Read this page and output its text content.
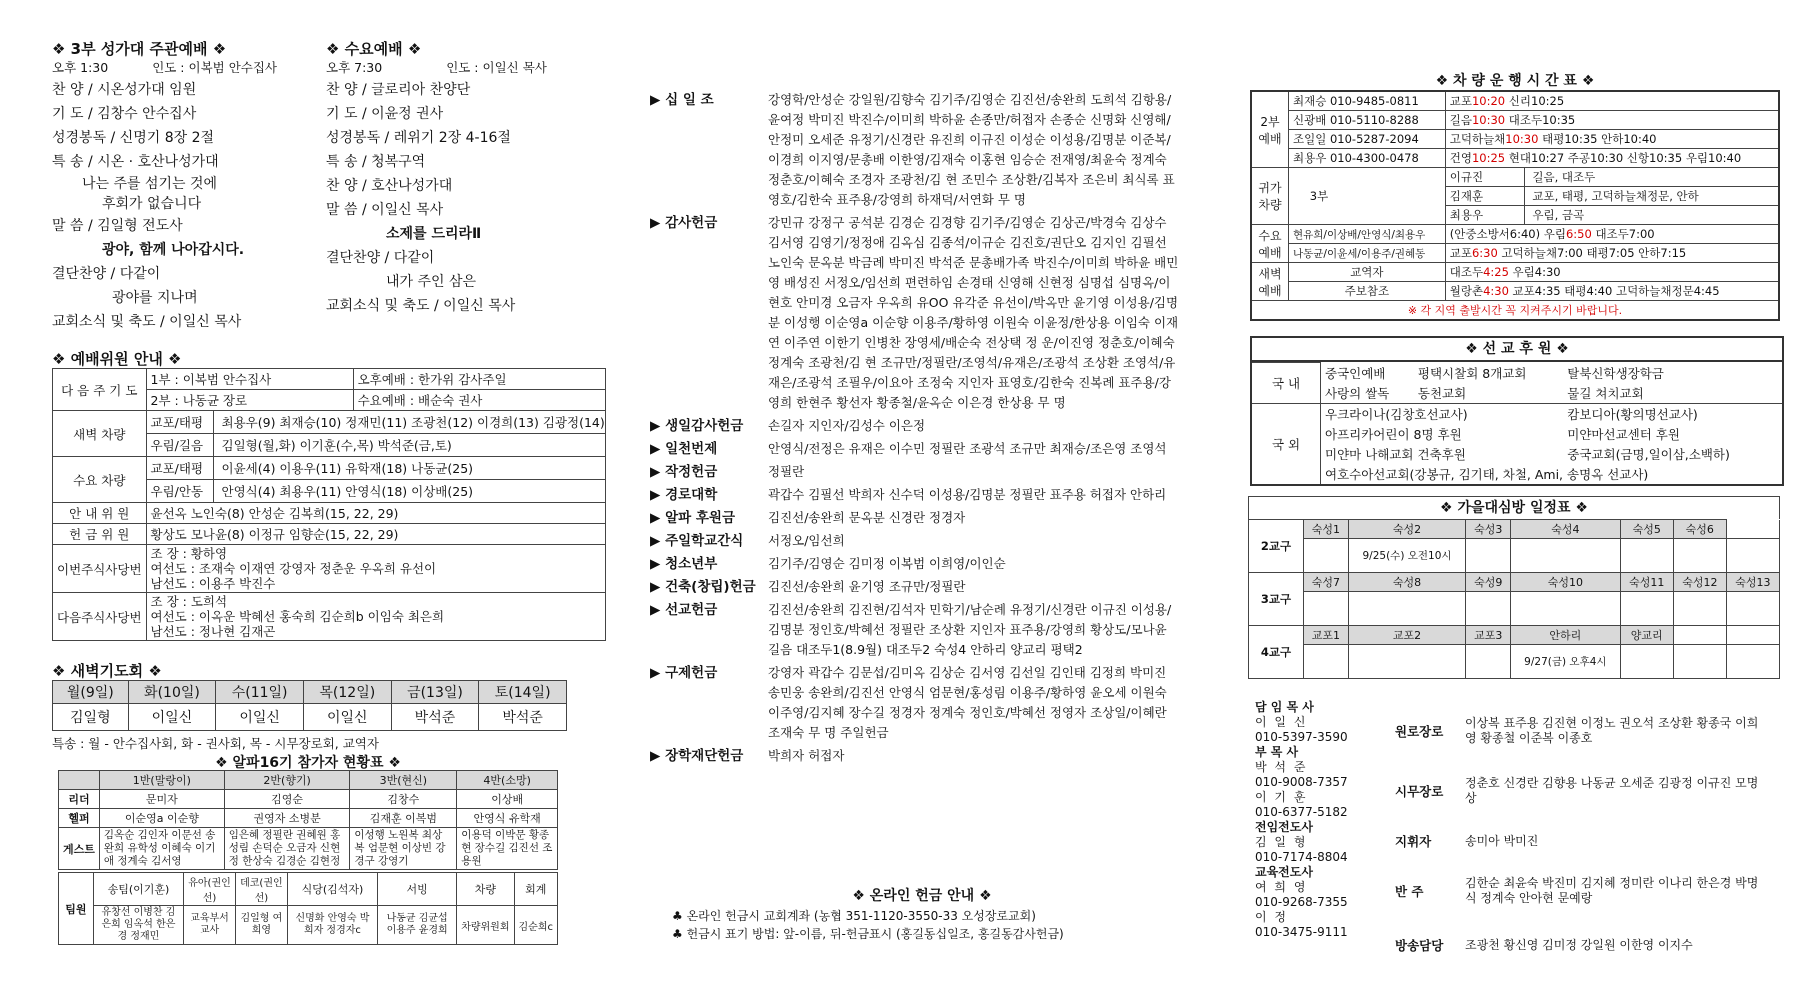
❖ 3부 성가대 주관예배 ❖
오후 1:30	인도 : 이복범 안수집사
찬 양 / 시온성가대 임원
기 도 / 김창수 안수집사
성경봉독 / 신명기 8장 2절
특 송 / 시온 · 호산나성가대
나는 주를 섬기는 것에
후회가 없습니다
말 씀 / 김일형 전도사
광야, 함께 나아갑시다.
결단찬양 / 다같이
광야를 지나며
교회소식 및 축도 / 이일신 목사
❖ 수요예배 ❖
오후 7:30	인도 : 이일신 목사
찬 양 / 글로리아 찬양단
기 도 / 이윤정 권사
성경봉독 / 레위기 2장 4-16절
특 송 / 청복구역
찬 양 / 호산나성가대
말 씀 / 이일신 목사
소제를 드리라Ⅱ
결단찬양 / 다같이
내가 주인 삼은
교회소식 및 축도 / 이일신 목사
❖ 예배위원 안내 ❖
다 음 주 기 도	1부 : 이복범 안수집사	오후예배 : 한가위 감사주일
	2부 : 나동균 장로	수요예배 : 배순숙 권사
새벽 차량	교포/태평 최용우(9) 최재승(10) 정재민(11) 조광천(12) 이경희(13) 김광정(14)	
	우림/길음 김일형(월,화) 이기훈(수,목) 박석준(금,토)	
수요 차량	교포/태평 이윤세(4) 이용우(11) 유학재(18) 나동균(25)	
	우림/안동 안영식(4) 최용우(11) 안영식(18) 이상배(25)	
안 내 위 원	윤선옥 노인숙(8) 안성순 김복희(15, 22, 29)	
헌 금 위 원	황상도 모나윤(8) 이정규 임향순(15, 22, 29)	
이번주식사당번	조 장 : 황하영
여선도 : 조재숙 이재연 강영자 정춘운 우옥희 유선이
남선도 : 이용주 박진수	

다음주식사당번	조 장 : 도희석
여선도 : 이옥운 박혜선 홍숙희 김순희b 이임숙 최은희
남선도 : 정나현 김재곤	
❖ 새벽기도회 ❖
월(9일)	화(10일)	수(11일)	목(12일)	금(13일)	토(14일)
김일형	이일신	이일신	이일신	박석준	박석준
특송 : 월 - 안수집사회, 화 - 권사회, 목 - 시무장로회, 교역자
❖ 알파16기 참가자 현황표 ❖
	1반(말랑이)	2반(향기)	3반(현신)	4반(소망)
리더	문미자	김영순	김창수	이상배
헬퍼	이순영a 이순향	권영자 소병분	김재훈 이복범	안영식 유학재
게스트	김옥순 김인자 이문선 송완희 유학성 이혜숙 이기애 정계숙 김서영	임은혜 정필란 권혜원 홍성림 손덕순 오금자 신현정 한상숙 김경순 김현정	이성행 노원복 최상복 엄문현 이상빈 강경구 강영기	이용덕 이박문 황종현 장수길 김진선 조용원
팀원	송팀(이기훈)	유아(권인선)	데코(권인선)	식당(김석자)	서빙	차량	회계
	유창선 이병찬 김은희 임옥석 한은경 정재민	교육부서 교사	김일형 여희영	신명화 안영숙 박희자 정경자c	나동균 김균섭 이용주 윤경희	차량위원회	김순희c
▶ 십 일 조	강영학/안성순 강일원/김향숙 김기주/김영순 김진선/송완희 도희석 김항용/윤여정 박미진 박진수/이미희 박하윤 손종만/허접자 손종순 신명화 신영해/안정미 오세준 유정기/신경란 유진희 이규진 이성순 이성용/김명분 이준복/이경희 이지영/문총배 이한영/김재숙 이홍현 임승순 전재영/최윤숙 정계숙 정춘호/이혜숙 조경자 조광천/김 현 조민수 조상환/김복자 조은비 최식록 표영호/김한숙 표주용/강영희 하재덕/서연화 무 명
▶ 감사헌금	강민규 강정구 공석분 김경순 김경향 김기주/김영순 김상곤/박경숙 김상수 김서영 김영기/정정애 김옥심 김종석/이규순 김진호/권단오 김지인 김필선 노인숙 문옥분 박금례 박미진 박석준 문총배가족 박진수/이미희 박하윤 배민영 배성진 서정오/임선희 편련하임 손경태 신영해 신현정 심명섭 심명옥/이현호 안미경 오금자 우옥희 유OO 유각준 유선이/박옥만 윤기영 이성용/김명분 이성행 이순영a 이순향 이용주/황하영 이원숙 이윤정/한상용 이임숙 이재연 이주연 이한기 인병찬 장영세/배순숙 전상택 정 운/이진영 정춘호/이혜숙 정계숙 조광천/김 현 조규만/정필란/조영석/유재은/조광석 조상환 조영석/유재은/조광석 조필우/이요아 조정숙 지인자 표영호/김한숙 진복례 표주용/강영희 한현주 황선자 황종철/윤옥순 이은경 한상용 무 명
▶ 생일감사헌금	손길자 지인자/김성수 이은정
▶ 일천번제	안영식/전정은 유재은 이수민 정필란 조광석 조규만 최재승/조은영 조영석
▶ 작정헌금	정필란
▶ 경로대학	곽갑수 김필선 박희자 신수덕 이성용/김명분 정필란 표주용 허접자 안하리
▶ 알파 후원금	김진선/송완희 문옥분 신경란 정경자
▶ 주일학교간식	서정오/임선희
▶ 청소년부	김기주/김영순 김미정 이복범 이희영/이인순
▶ 건축(창립)헌금 김진선/송완희 윤기영 조규만/정필란
▶ 선교헌금	김진선/송완희 김진현/김석자 민학기/남순례 유정기/신경란 이규진 이성용/김명분 정인호/박혜선 정필란 조상환 지인자 표주용/강영희 황상도/모나윤 길음 대조두1(8.9월) 대조두2 숙성4 안하리 양교리 평택2
▶ 구제헌금	강영자 곽갑수 김문섭/김미옥 김상순 김서영 김선일 김인태 김정희 박미진 송민웅 송완희/김진선 안영식 엄문현/홍성림 이용주/황하영 윤오세 이원숙 이주영/김지혜 장수길 정경자 정계숙 정인호/박혜선 정영자 조상일/이혜란 조재숙 무 명 주일헌금
▶ 장학재단헌금	박희자 허접자
❖ 온라인 헌금 안내 ❖
♣ 온라인 헌금시 교회계좌 (농협 351-1120-3550-33 오성장로교회)
♣ 헌금시 표기 방법: 앞-이름, 뒤-헌금표시 (홍길동십일조, 홍길동감사헌금)
❖ 차 량 운 행 시 간 표 ❖
2부 예배	최재승 010-9485-0811	교포10:20 신리10:25
	신광배 010-5110-8288	길음10:30 대조두10:35
	조일일 010-5287-2094	고덕하늘채10:30 태평10:35 안하10:40
	최용우 010-4300-0478	건영10:25 현대10:27 주공10:30 신항10:35 우림10:40
귀가 차량	3부	이규진 길음, 대조두
		김재훈 교포, 태평, 고덕하늘채정문, 안하
		최용우 우림, 금곡
수요 예배	현유희/이상배/안영식/최용우	(안중소방서6:40) 우림6:50 대조두7:00
	나동균/이윤세/이용주/권혜동	교포6:30 고덕하늘채7:00 태평7:05 안하7:15
새벽 예배	교역자	대조두4:25 우림4:30
	주보참조	월랑촌4:30 교포4:35 태평4:40 고덕하늘채정문4:45
※ 각 지역 출발시간 꼭 지켜주시기 바랍니다.		
❖ 선 교 후 원 ❖
국 내	중국인예배	평택시찰회 8개교회	탈북신학생장학금
	사랑의 쌀독	동천교회	물길 쳐치교회
국 외	우크라이나(김창호선교사)		캄보디아(황의명선교사)
	아프리카어린이 8명 후원		미얀마선교센터 후원
	미얀마 나해교회 건축후원		중국교회(금명,일이삼,소백하)
	여호수아선교회(강봉규, 김기태, 차철, Ami, 송명옥 선교사)		
❖ 가을대심방 일정표 ❖
2교구	숙성1	숙성2	숙성3	숙성4	숙성5	숙성6	
		9/25(수) 오전10시					
3교구	숙성7	숙성8	숙성9	숙성10	숙성11	숙성12	숙성13

4교구	교포1	교포2	교포3	안하리	양교리		
				9/27(금) 오후4시			
담 임 목 사
이 일 신
010-5397-3590
부 목 사
박 석 준
010-9008-7357
이 기 훈
010-6377-5182
전임전도사
김 일 형
010-7174-8804
교육전도사
여 희 영
010-9268-7355
이 정
010-3475-9111
원로장로
이상복 표주용 김진현 이정노 권오석 조상환 황종국 이희영 황종철 이준복 이종호
시무장로
정춘호 신경란 김향용 나동균 오세준 김광정 이규진 모명상
지휘자	송미아 박미진
반 주
김한순 최윤숙 박진미 김지혜 정미란 이나리 한은경 박명식 정계숙 안아현 문예랑
방송담당	조광천 황신영 김미정 강일원 이한영 이지수
